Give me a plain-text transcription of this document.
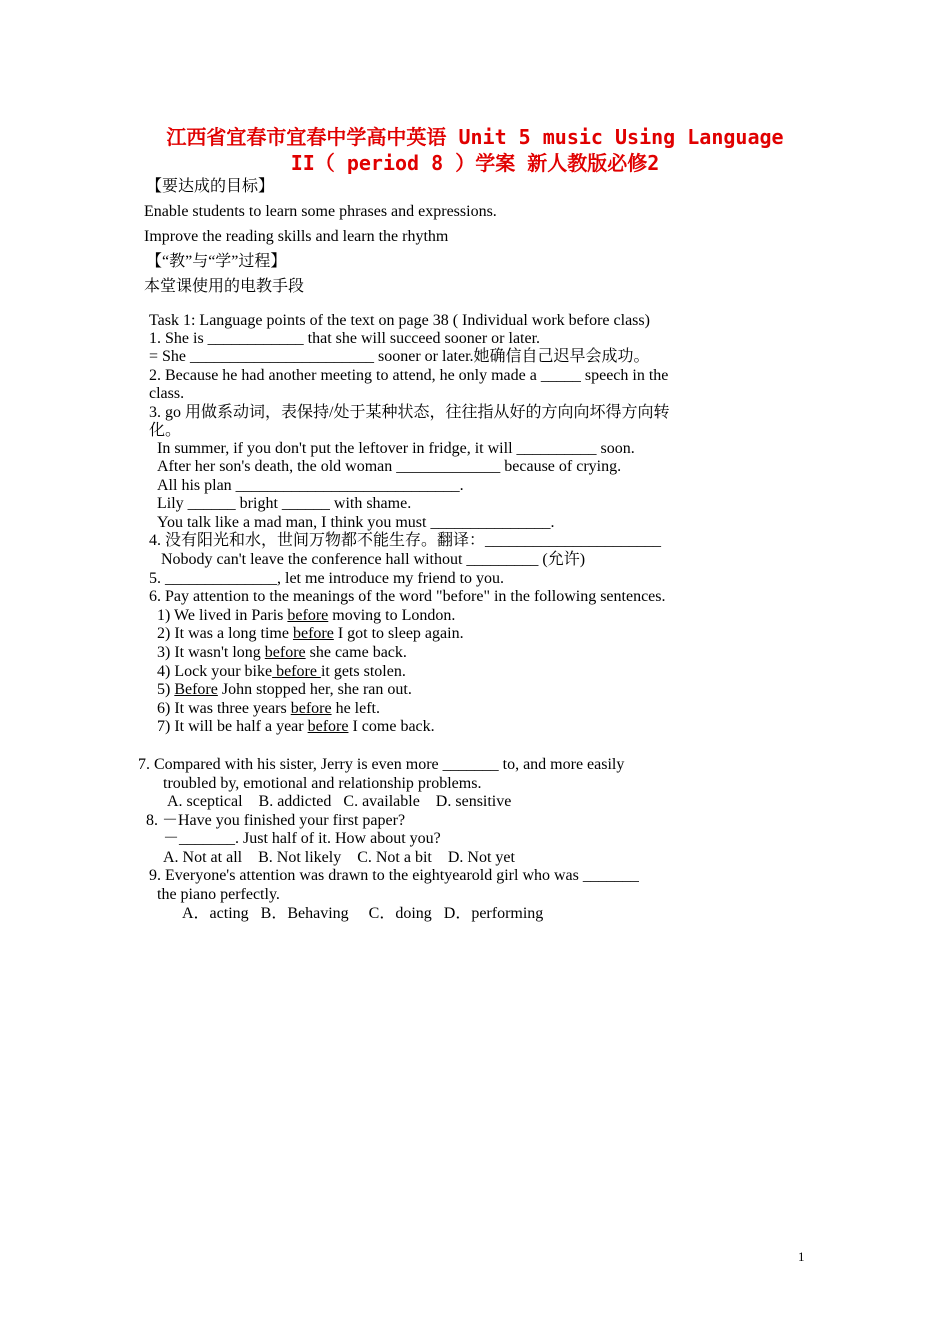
江西省宜春市宜春中学高中英语 Unit 5 music Using Language
II（ period 8 ）学案 新人教版必修2
【要达成的目标】
Enable students to learn some phrases and expressions.
Improve the reading skills and learn the rhythm
【“教”与“学”过程】
本堂课使用的电教手段
Task 1: Language points of the text on page 38 ( Individual work before class)
1. She is ____________ that she will succeed sooner or later.
= She _______________________ sooner or later.她确信自己迟早会成功。
2. Because he had another meeting to attend, he only made a _____ speech in the
class.
3. go 用做系动词，表保持/处于某种状态，往往指从好的方向向坏得方向转
化。
In summer, if you don't put the leftover in fridge, it will __________ soon.
After her son's death, the old woman _____________ because of crying.
All his plan ____________________________.
Lily ______ bright ______ with shame.
You talk like a mad man, I think you must _______________.
4. 没有阳光和水，世间万物都不能生存。翻译：______________________
Nobody can't leave the conference hall without _________ (允许)
5. ______________, let me introduce my friend to you.
6. Pay attention to the meanings of the word "before" in the following sentences.
1) We lived in Paris before moving to London.
2) It was a long time before I got to sleep again.
3) It wasn't long before she came back.
4) Lock your bike before it gets stolen.
5) Before John stopped her, she ran out.
6) It was three years before he left.
7) It will be half a year before I come back.
7. Compared with his sister, Jerry is even more _______ to, and more easily
troubled by, emotional and relationship problems.
A. sceptical    B. addicted   C. available    D. sensitive
8. －Have you finished your first paper?
－_______. Just half of it. How about you?
A. Not at all    B. Not likely    C. Not a bit    D. Not yet
9. Everyone's attention was drawn to the eightyearold girl who was _______
the piano perfectly.
A．acting   B．Behaving     C．doing   D．performing
1
